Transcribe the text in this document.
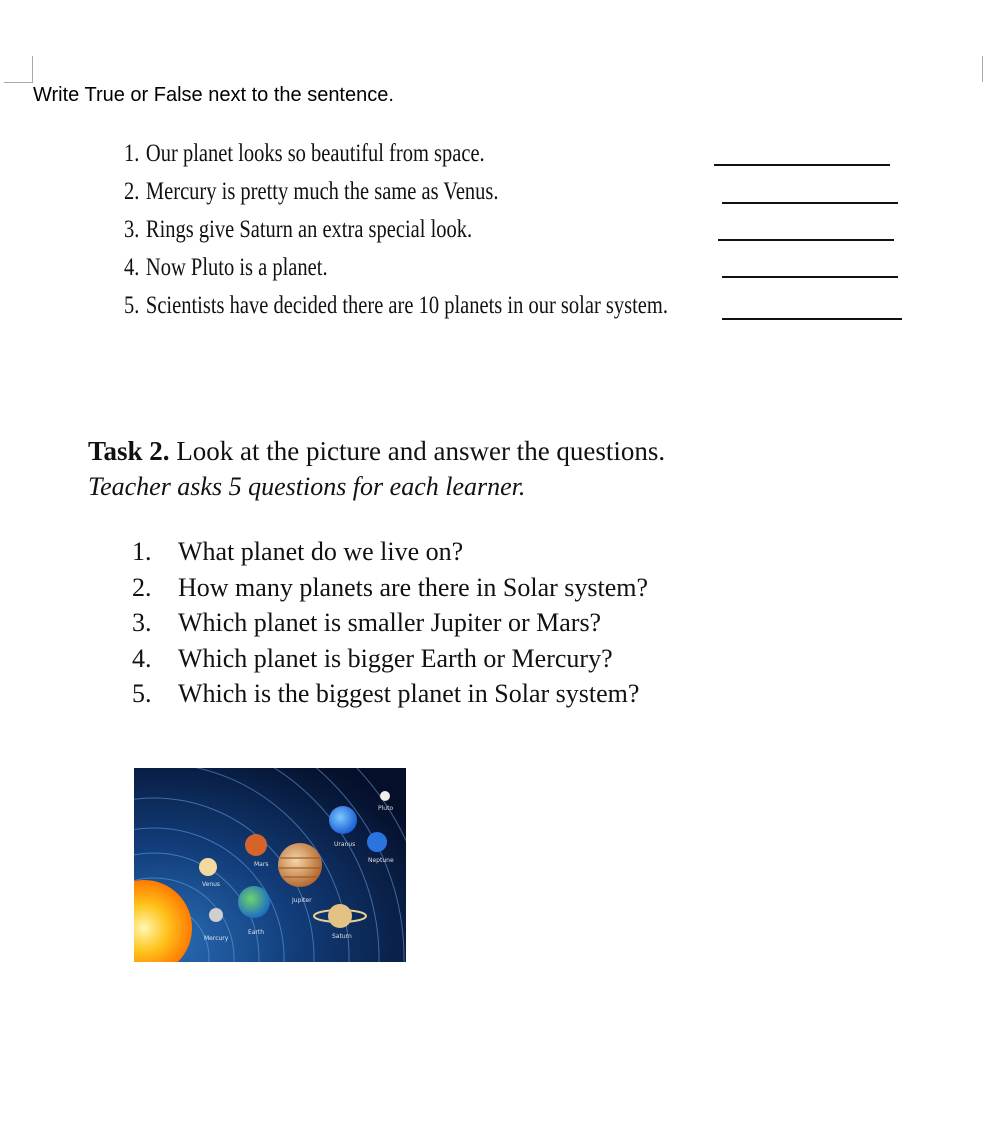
Write True or False next to the sentence.
1. Our planet looks so beautiful from space.
2. Mercury is pretty much the same as Venus.
3. Rings give Saturn an extra special look.
4. Now Pluto is a planet.
5. Scientists have decided there are 10 planets in our solar system.
Task 2. Look at the picture and answer the questions.
Teacher asks 5 questions for each learner.
1. What planet do we live on?
2. How many planets are there in Solar system?
3. Which planet is smaller Jupiter or Mars?
4. Which planet is bigger Earth or Mercury?
5. Which is the biggest planet in Solar system?
Mercury
Venus
Earth
Mars
Jupiter
Saturn
Uranus
Neptune
Pluto
